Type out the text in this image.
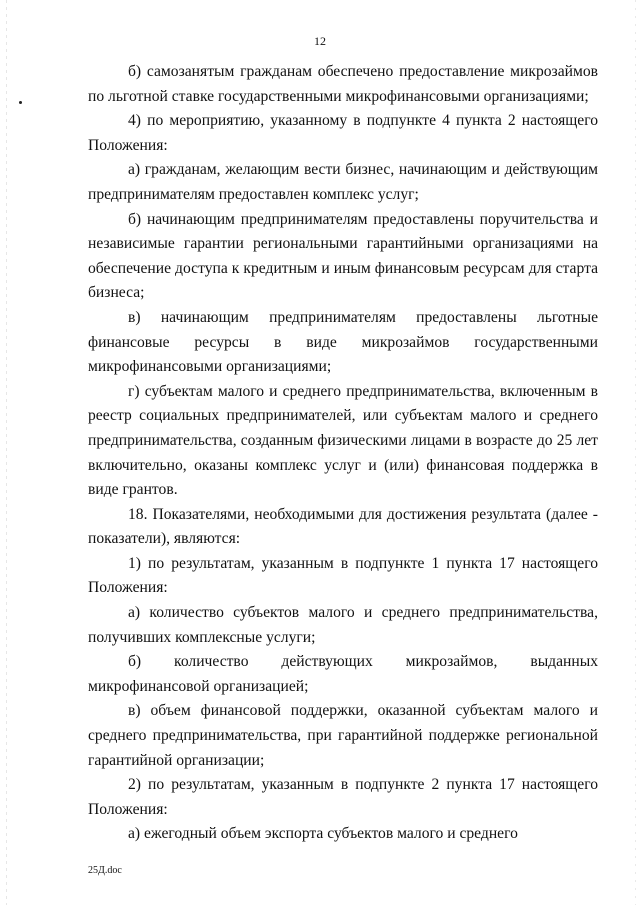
12

б) самозанятым гражданам обеспечено предоставление микрозаймов по льготной ставке государственными микрофинансовыми организациями;

4) по мероприятию, указанному в подпункте 4 пункта 2 настоящего Положения:

а) гражданам, желающим вести бизнес, начинающим и действующим предпринимателям предоставлен комплекс услуг;

б) начинающим предпринимателям предоставлены поручительства и независимые гарантии региональными гарантийными организациями на обеспечение доступа к кредитным и иным финансовым ресурсам для старта бизнеса;

в) начинающим предпринимателям предоставлены льготные финансовые ресурсы в виде микрозаймов государственными микрофинансовыми организациями;

г) субъектам малого и среднего предпринимательства, включенным в реестр социальных предпринимателей, или субъектам малого и среднего предпринимательства, созданным физическими лицами в возрасте до 25 лет включительно, оказаны комплекс услуг и (или) финансовая поддержка в виде грантов.

18. Показателями, необходимыми для достижения результата (далее - показатели), являются:

1) по результатам, указанным в подпункте 1 пункта 17 настоящего Положения:

а) количество субъектов малого и среднего предпринимательства, получивших комплексные услуги;

б) количество действующих микрозаймов, выданных микрофинансовой организацией;

в) объем финансовой поддержки, оказанной субъектам малого и среднего предпринимательства, при гарантийной поддержке региональной гарантийной организации;

2) по результатам, указанным в подпункте 2 пункта 17 настоящего Положения:

а) ежегодный объем экспорта субъектов малого и среднего

25Д.doc
